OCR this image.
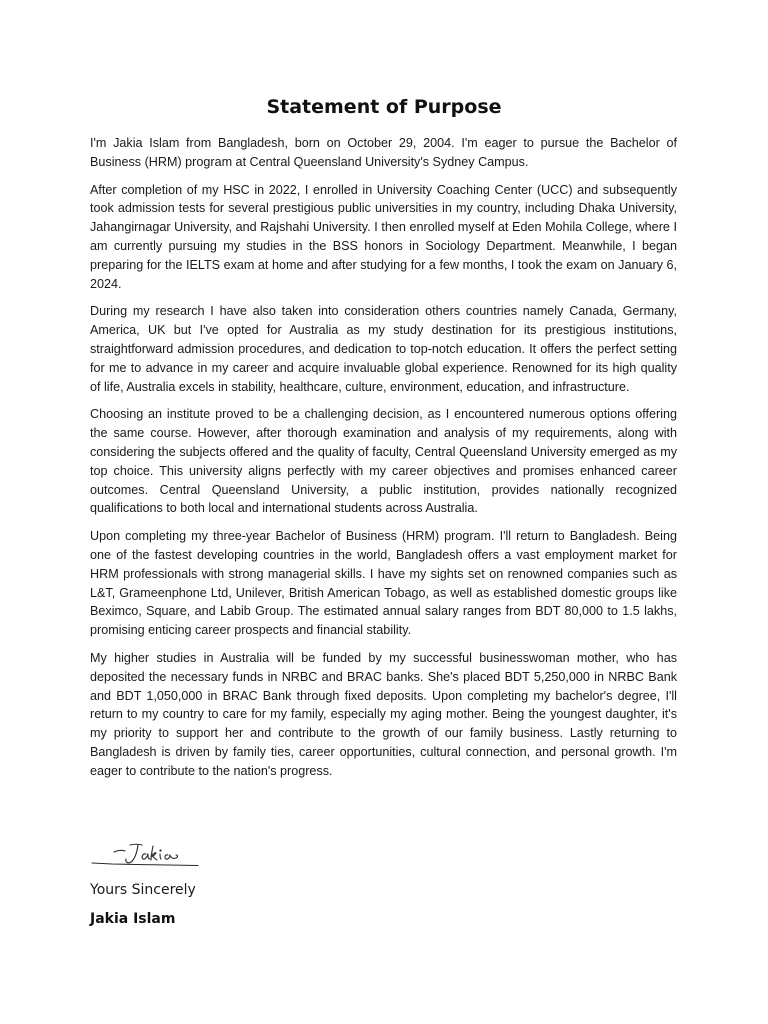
Statement of Purpose

I'm Jakia Islam from Bangladesh, born on October 29, 2004. I'm eager to pursue the Bachelor of Business (HRM) program at Central Queensland University's Sydney Campus.

After completion of my HSC in 2022, I enrolled in University Coaching Center (UCC) and subsequently took admission tests for several prestigious public universities in my country, including Dhaka University, Jahangirnagar University, and Rajshahi University. I then enrolled myself at Eden Mohila College, where I am currently pursuing my studies in the BSS honors in Sociology Department. Meanwhile, I began preparing for the IELTS exam at home and after studying for a few months, I took the exam on January 6, 2024.

During my research I have also taken into consideration others countries namely Canada, Germany, America, UK but I've opted for Australia as my study destination for its prestigious institutions, straightforward admission procedures, and dedication to top-notch education. It offers the perfect setting for me to advance in my career and acquire invaluable global experience. Renowned for its high quality of life, Australia excels in stability, healthcare, culture, environment, education, and infrastructure.

Choosing an institute proved to be a challenging decision, as I encountered numerous options offering the same course. However, after thorough examination and analysis of my requirements, along with considering the subjects offered and the quality of faculty, Central Queensland University emerged as my top choice. This university aligns perfectly with my career objectives and promises enhanced career outcomes. Central Queensland University, a public institution, provides nationally recognized qualifications to both local and international students across Australia.

Upon completing my three-year Bachelor of Business (HRM) program. I'll return to Bangladesh. Being one of the fastest developing countries in the world, Bangladesh offers a vast employment market for HRM professionals with strong managerial skills. I have my sights set on renowned companies such as L&T, Grameenphone Ltd, Unilever, British American Tobago, as well as established domestic groups like Beximco, Square, and Labib Group. The estimated annual salary ranges from BDT 80,000 to 1.5 lakhs, promising enticing career prospects and financial stability.

My higher studies in Australia will be funded by my successful businesswoman mother, who has deposited the necessary funds in NRBC and BRAC banks. She's placed BDT 5,250,000 in NRBC Bank and BDT 1,050,000 in BRAC Bank through fixed deposits. Upon completing my bachelor's degree, I'll return to my country to care for my family, especially my aging mother. Being the youngest daughter, it's my priority to support her and contribute to the growth of our family business. Lastly returning to Bangladesh is driven by family ties, career opportunities, cultural connection, and personal growth. I'm eager to contribute to the nation's progress.

Yours Sincerely
Jakia Islam
